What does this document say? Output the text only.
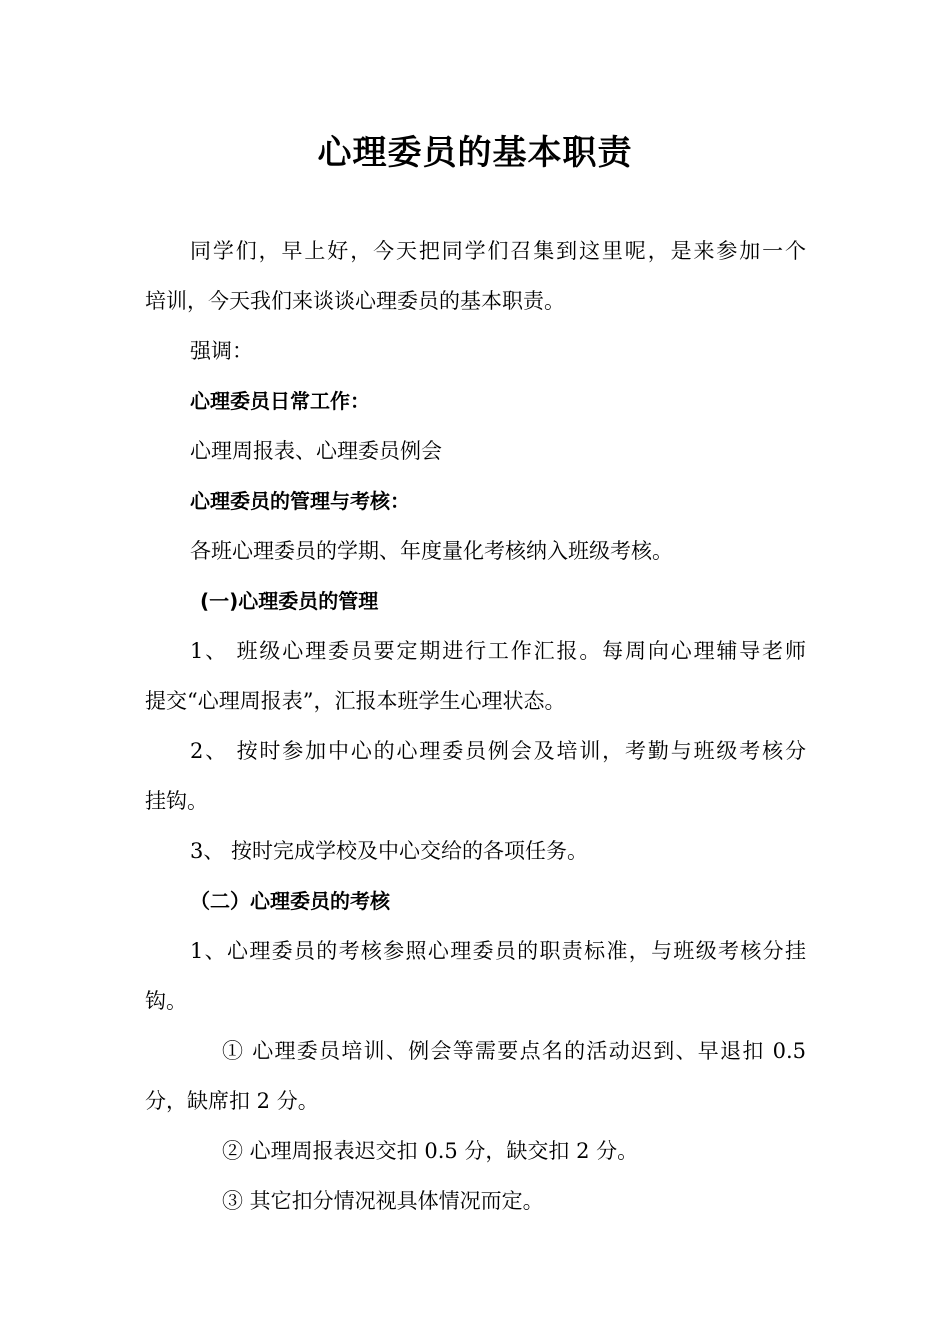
心理委员的基本职责
同学们，早上好，今天把同学们召集到这里呢，是来参加一个
培训，今天我们来谈谈心理委员的基本职责。
强调：
心理委员日常工作：
心理周报表、心理委员例会
心理委员的管理与考核：
各班心理委员的学期、年度量化考核纳入班级考核。
(一)心理委员的管理
1、 班级心理委员要定期进行工作汇报。每周向心理辅导老师
提交“心理周报表”，汇报本班学生心理状态。
2、 按时参加中心的心理委员例会及培训，考勤与班级考核分
挂钩。
3、 按时完成学校及中心交给的各项任务。
（二）心理委员的考核
1、心理委员的考核参照心理委员的职责标准，与班级考核分挂
钩。
① 心理委员培训、例会等需要点名的活动迟到、早退扣 0.5
分，缺席扣 2 分。
② 心理周报表迟交扣 0.5 分，缺交扣 2 分。
③ 其它扣分情况视具体情况而定。
